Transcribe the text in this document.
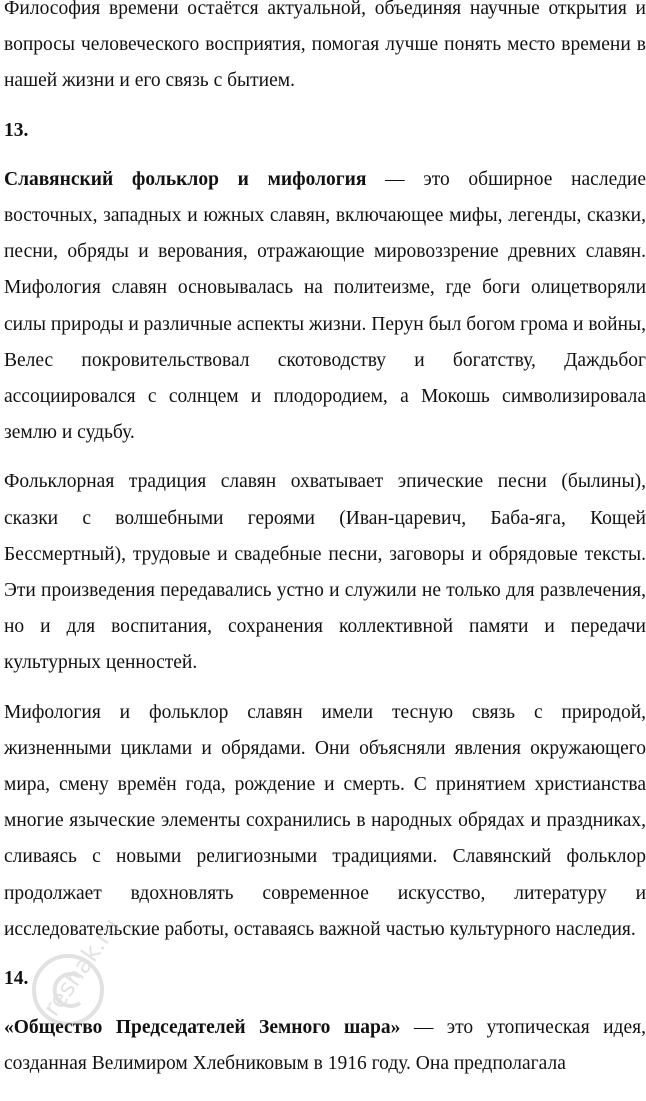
Философия времени остаётся актуальной, объединяя научные открытия и вопросы человеческого восприятия, помогая лучше понять место времени в нашей жизни и его связь с бытием.

13.

Славянский фольклор и мифология — это обширное наследие восточных, западных и южных славян, включающее мифы, легенды, сказки, песни, обряды и верования, отражающие мировоззрение древних славян. Мифология славян основывалась на политеизме, где боги олицетворяли силы природы и различные аспекты жизни. Перун был богом грома и войны, Велес покровительствовал скотоводству и богатству, Даждьбог ассоциировался с солнцем и плодородием, а Мокошь символизировала землю и судьбу.

Фольклорная традиция славян охватывает эпические песни (былины), сказки с волшебными героями (Иван-царевич, Баба-яга, Кощей Бессмертный), трудовые и свадебные песни, заговоры и обрядовые тексты. Эти произведения передавались устно и служили не только для развлечения, но и для воспитания, сохранения коллективной памяти и передачи культурных ценностей.

Мифология и фольклор славян имели тесную связь с природой, жизненными циклами и обрядами. Они объясняли явления окружающего мира, смену времён года, рождение и смерть. С принятием христианства многие языческие элементы сохранились в народных обрядах и праздниках, сливаясь с новыми религиозными традициями. Славянский фольклор продолжает вдохновлять современное искусство, литературу и исследовательские работы, оставаясь важной частью культурного наследия.

14.

«Общество Председателей Земного шара» — это утопическая идея, созданная Велимиром Хлебниковым в 1916 году. Она предполагала

reshak.ru
